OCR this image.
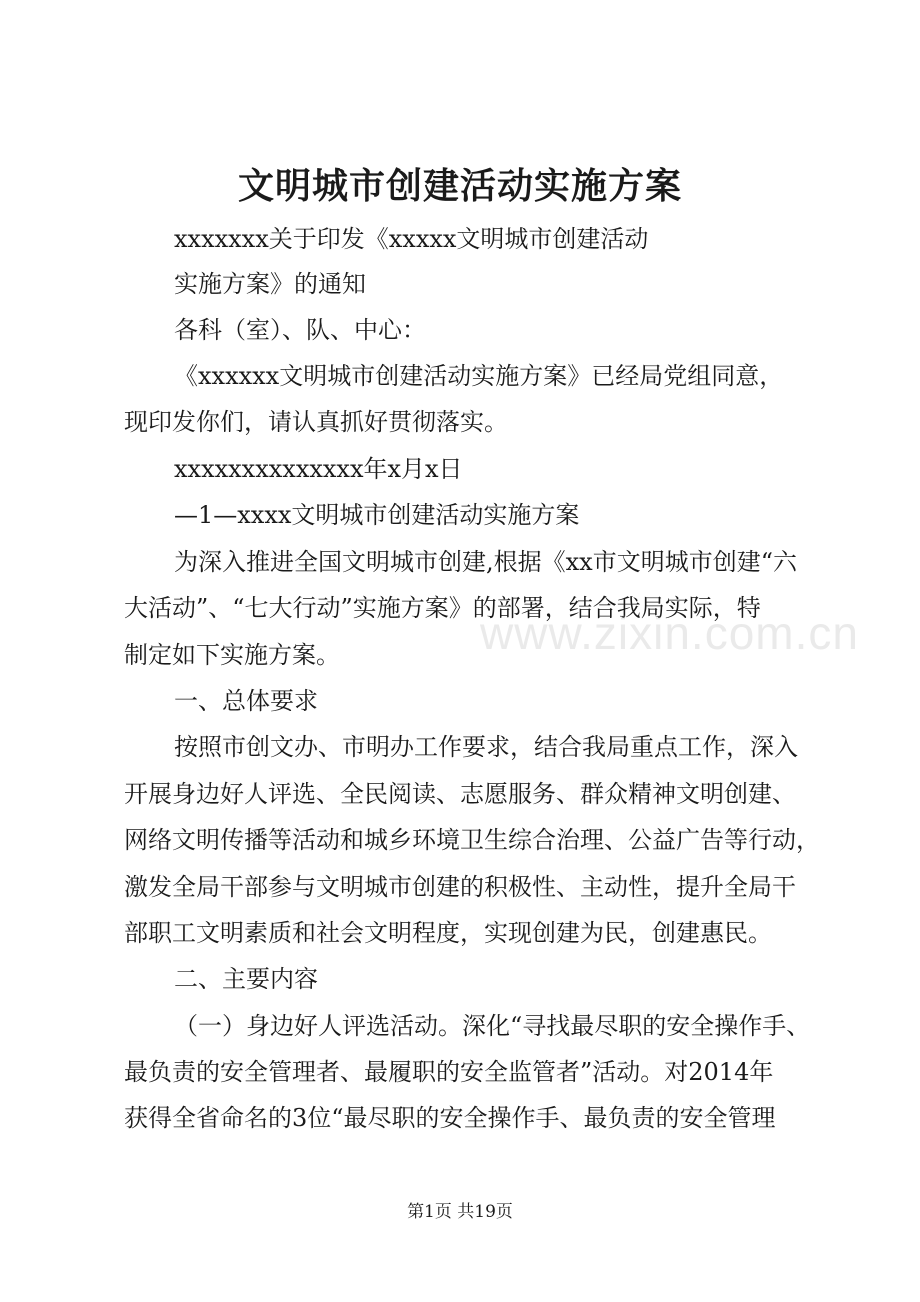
文明城市创建活动实施方案
xxxxxxx关于印发《xxxxx文明城市创建活动
实施方案》的通知
各科（室）、队、中心：
《xxxxxx文明城市创建活动实施方案》已经局党组同意，
现印发你们，请认真抓好贯彻落实。
xxxxxxxxxxxxxx年x月x日
—1—xxxx文明城市创建活动实施方案
为深入推进全国文明城市创建,根据《xx市文明城市创建“六
大活动”、“七大行动”实施方案》的部署，结合我局实际，特
制定如下实施方案。
一、总体要求
按照市创文办、市明办工作要求，结合我局重点工作，深入
开展身边好人评选、全民阅读、志愿服务、群众精神文明创建、
网络文明传播等活动和城乡环境卫生综合治理、公益广告等行动，
激发全局干部参与文明城市创建的积极性、主动性，提升全局干
部职工文明素质和社会文明程度，实现创建为民，创建惠民。
二、主要内容
（一）身边好人评选活动。深化“寻找最尽职的安全操作手、
最负责的安全管理者、最履职的安全监管者”活动。对2014年
获得全省命名的3位“最尽职的安全操作手、最负责的安全管理
www.zixin.com.cn
第1页 共19页
